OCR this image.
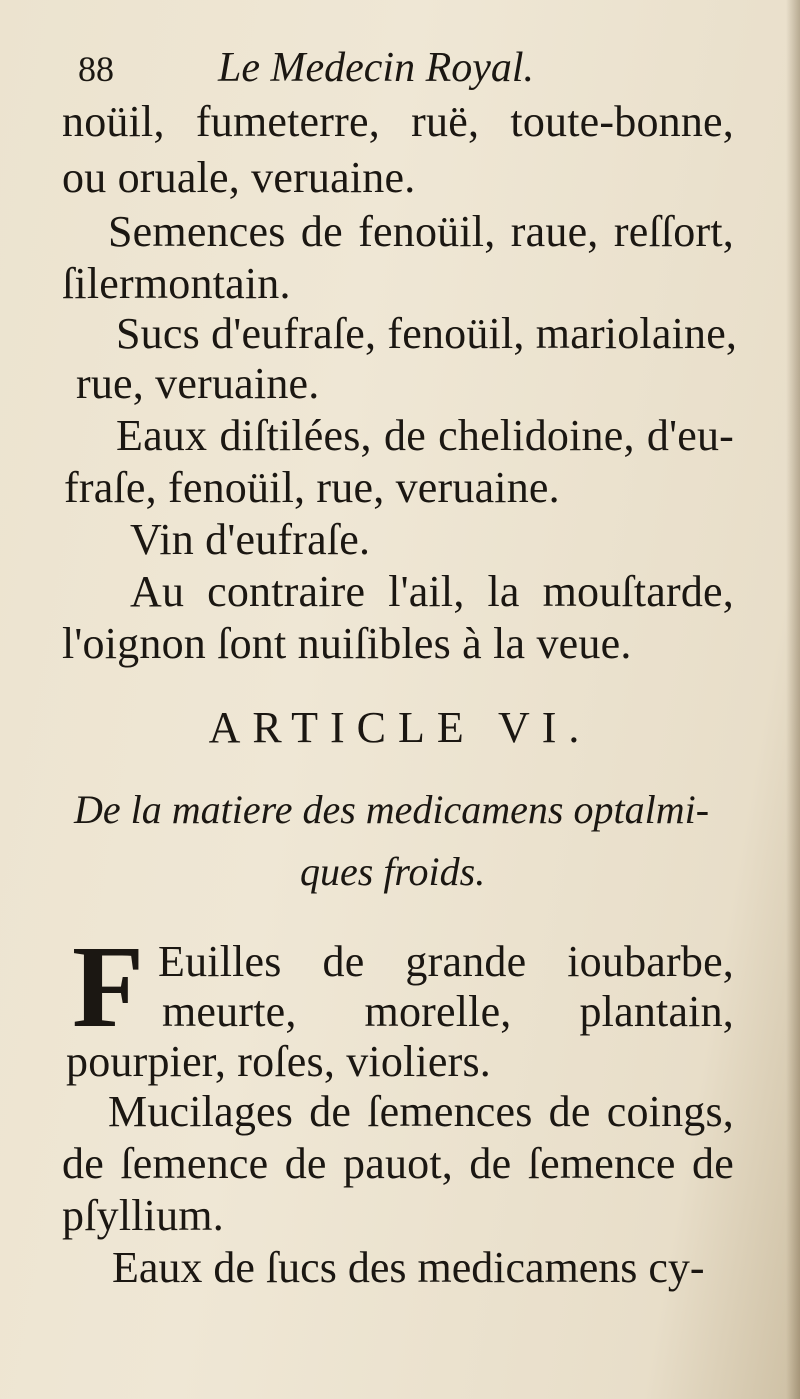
88 Le Medecin Royal.
noüil, fumeterre, ruë, toute-bonne,
ou oruale, veruaine.
Semences de fenoüil, raue, reſſort,
ſilermontain.
Sucs d'eufraſe, fenoüil, mariolaine,
rue, veruaine.
Eaux diſtilées, de chelidoine, d'eu-
fraſe, fenoüil, rue, veruaine.
Vin d'eufraſe.
Au contraire l'ail, la mouſtarde,
l'oignon ſont nuiſibles à la veue.
ARTICLE VI.
De la matiere des medicamens optalmi-
ques froids.
F Euilles de grande ioubarbe,
meurte, morelle, plantain,
pourpier, roſes, violiers.
Mucilages de ſemences de coings,
de ſemence de pauot, de ſemence de
pſyllium.
Eaux de ſucs des medicamens cy-
